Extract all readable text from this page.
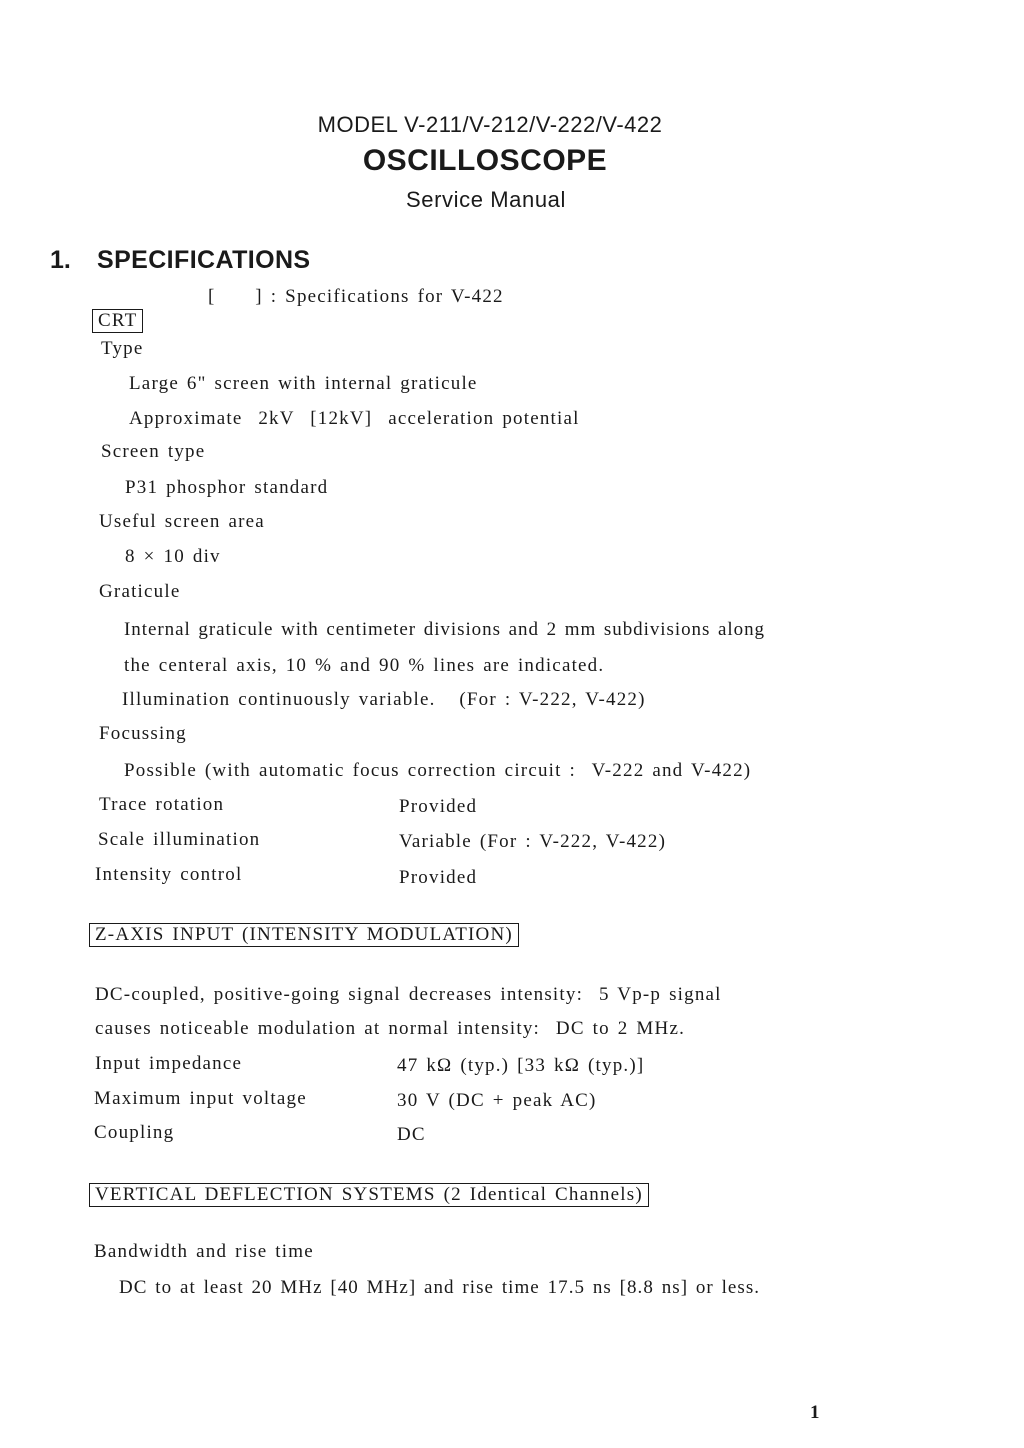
MODEL V-211/V-212/V-222/V-422
OSCILLOSCOPE
Service Manual
1. SPECIFICATIONS
[     ] : Specifications for V-422
CRT
Type
Large 6" screen with internal graticule
Approximate  2kV  [12kV]  acceleration potential
Screen type
P31 phosphor standard
Useful screen area
8 × 10 div
Graticule
Internal graticule with centimeter divisions and 2 mm subdivisions along
the centeral axis, 10 % and 90 % lines are indicated.
Illumination continuously variable.   (For : V-222, V-422)
Focussing
Possible (with automatic focus correction circuit :  V-222 and V-422)
Trace rotation	Provided
Scale illumination	Variable (For : V-222, V-422)
Intensity control	Provided
Z-AXIS INPUT (INTENSITY MODULATION)
DC-coupled, positive-going signal decreases intensity:  5 Vp-p signal
causes noticeable modulation at normal intensity:  DC to 2 MHz.
Input impedance	47 kΩ (typ.) [33 kΩ (typ.)]
Maximum input voltage	30 V (DC + peak AC)
Coupling	DC
VERTICAL DEFLECTION SYSTEMS (2 Identical Channels)
Bandwidth and rise time
DC to at least 20 MHz [40 MHz] and rise time 17.5 ns [8.8 ns] or less.
1
